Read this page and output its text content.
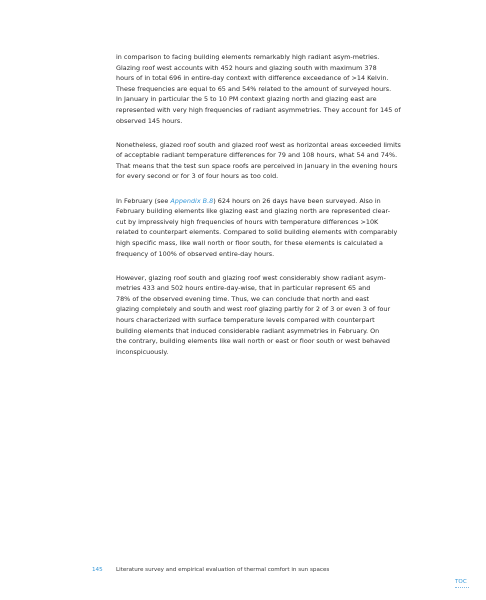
in comparison to facing building elements remarkably high radiant asym-metries.
Glazing roof west accounts with 452 hours and glazing south with maximum 378
hours of in total 696 in entire-day context with difference exceedance of >14 Kelvin.
These frequencies are equal to 65 and 54% related to the amount of surveyed hours.
In January in particular the 5 to 10 PM context glazing north and glazing east are
represented with very high frequencies of radiant asymmetries. They account for 145 of
observed 145 hours.

Nonetheless, glazed roof south and glazed roof west as horizontal areas exceeded limits
of acceptable radiant temperature differences for 79 and 108 hours, what 54 and 74%.
That means that the test sun space roofs are perceived in January in the evening hours
for every second or for 3 of four hours as too cold.

In February (see Appendix B.8) 624 hours on 26 days have been surveyed. Also in
February building elements like glazing east and glazing north are represented clear-
cut by impressively high frequencies of hours with temperature differences >10K
related to counterpart elements. Compared to solid building elements with comparably
high specific mass, like wall north or floor south, for these elements is calculated a
frequency of 100% of observed entire-day hours.

However, glazing roof south and glazing roof west considerably show radiant asym-
metries 433 and 502 hours entire-day-wise, that in particular represent 65 and
78% of the observed evening time. Thus, we can conclude that north and east
glazing completely and south and west roof glazing partly for 2 of 3 or even 3 of four
hours characterized with surface temperature levels compared with counterpart
building elements that induced considerable radiant asymmetries in February. On
the contrary, building elements like wall north or east or floor south or west behaved
inconspicuously.

145 Literature survey and empirical evaluation of thermal comfort in sun spaces
TOC
